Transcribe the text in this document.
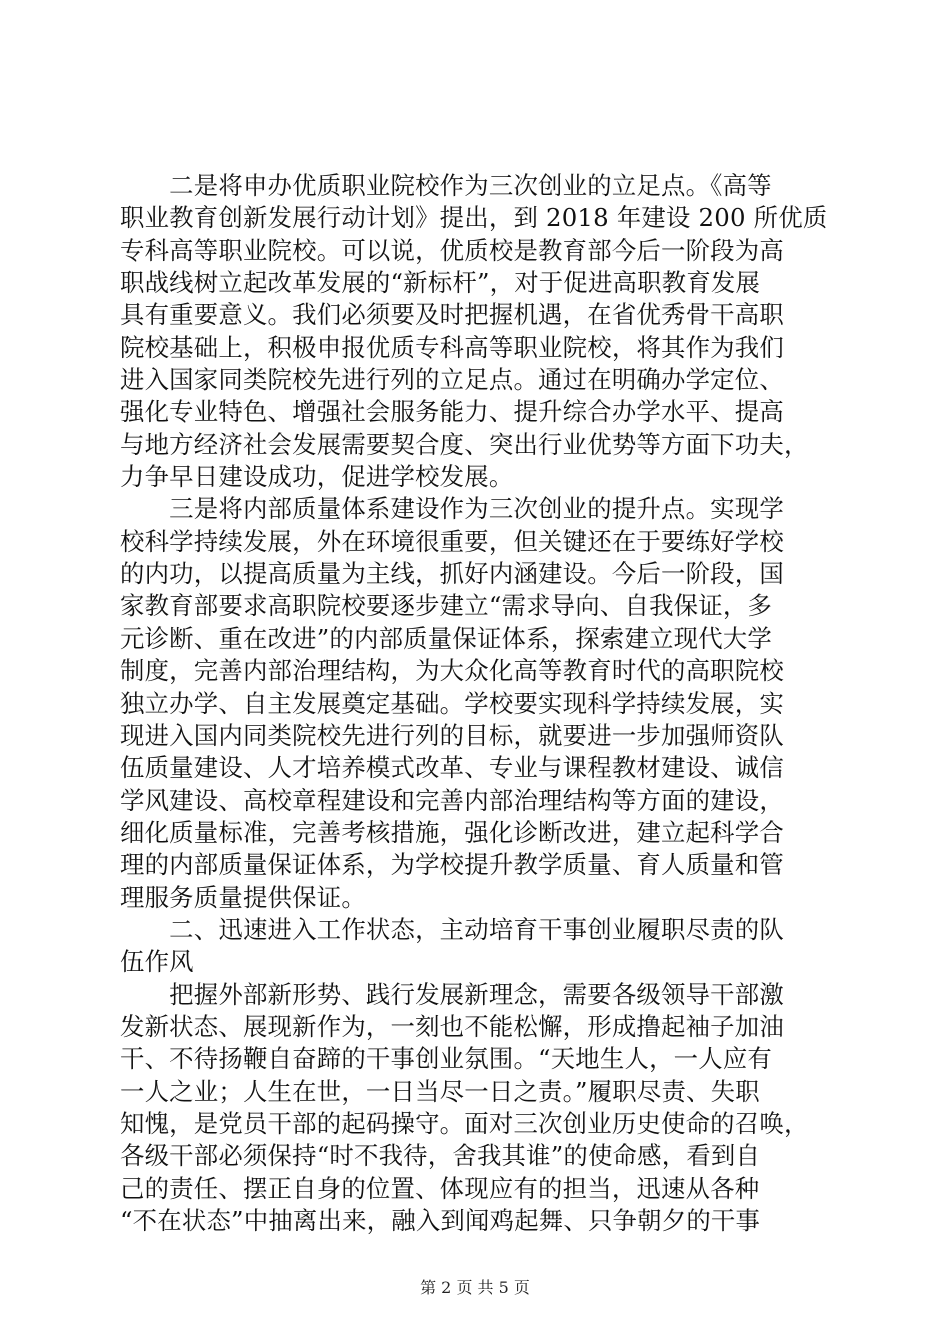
　　二是将申办优质职业院校作为三次创业的立足点。《高等
职业教育创新发展行动计划》提出，到 2018 年建设 200 所优质
专科高等职业院校。可以说，优质校是教育部今后一阶段为高
职战线树立起改革发展的“新标杆”，对于促进高职教育发展
具有重要意义。我们必须要及时把握机遇，在省优秀骨干高职
院校基础上，积极申报优质专科高等职业院校，将其作为我们
进入国家同类院校先进行列的立足点。通过在明确办学定位、
强化专业特色、增强社会服务能力、提升综合办学水平、提高
与地方经济社会发展需要契合度、突出行业优势等方面下功夫，
力争早日建设成功，促进学校发展。
　　三是将内部质量体系建设作为三次创业的提升点。实现学
校科学持续发展，外在环境很重要，但关键还在于要练好学校
的内功，以提高质量为主线，抓好内涵建设。今后一阶段，国
家教育部要求高职院校要逐步建立“需求导向、自我保证，多
元诊断、重在改进”的内部质量保证体系，探索建立现代大学
制度，完善内部治理结构，为大众化高等教育时代的高职院校
独立办学、自主发展奠定基础。学校要实现科学持续发展，实
现进入国内同类院校先进行列的目标，就要进一步加强师资队
伍质量建设、人才培养模式改革、专业与课程教材建设、诚信
学风建设、高校章程建设和完善内部治理结构等方面的建设，
细化质量标准，完善考核措施，强化诊断改进，建立起科学合
理的内部质量保证体系，为学校提升教学质量、育人质量和管
理服务质量提供保证。
　　二、迅速进入工作状态，主动培育干事创业履职尽责的队
伍作风
　　把握外部新形势、践行发展新理念，需要各级领导干部激
发新状态、展现新作为，一刻也不能松懈，形成撸起袖子加油
干、不待扬鞭自奋蹄的干事创业氛围。“天地生人，一人应有
一人之业；人生在世，一日当尽一日之责。”履职尽责、失职
知愧，是党员干部的起码操守。面对三次创业历史使命的召唤，
各级干部必须保持“时不我待，舍我其谁”的使命感，看到自
己的责任、摆正自身的位置、体现应有的担当，迅速从各种
“不在状态”中抽离出来，融入到闻鸡起舞、只争朝夕的干事
第 2 页 共 5 页
